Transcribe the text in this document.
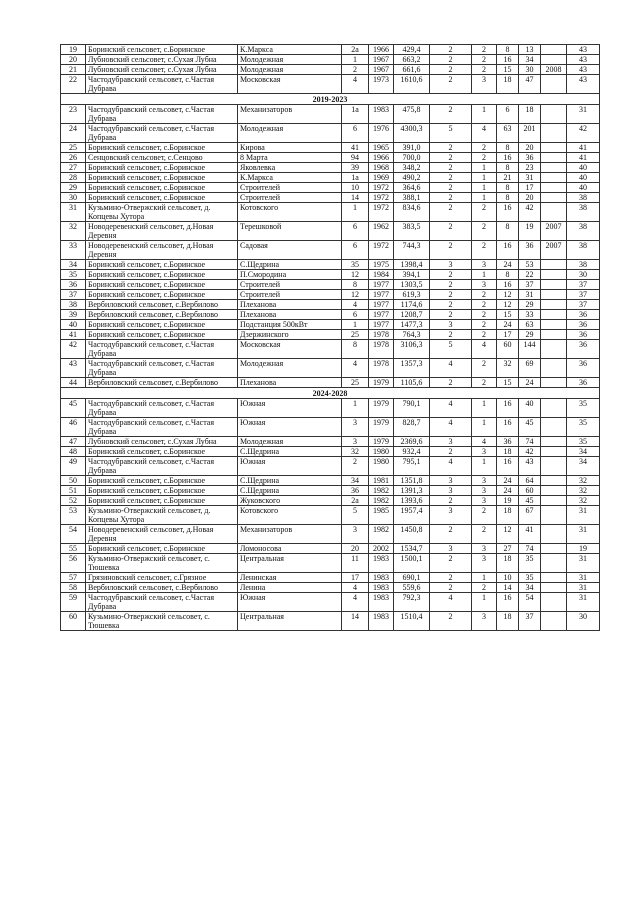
19	Боринский сельсовет, с.Боринское	К.Маркса	2а	1966	429,4	2	2	8	13		43
20	Лубновский сельсовет, с.Сухая Лубна	Молодежная	1	1967	663,2	2	2	16	34		43
21	Лубновский сельсовет, с.Сухая Лубна	Молодежная	2	1967	661,6	2	2	15	30	2008	43
22	Частодубравский сельсовет, с.Частая Дубрава	Московская	4	1973	1610,6	2	3	18	47		43
2019-2023											
23	Частодубравский сельсовет, с.Частая Дубрава	Механизаторов	1а	1983	475,8	2	1	6	18		31
24	Частодубравский сельсовет, с.Частая Дубрава	Молодежная	6	1976	4300,3	5	4	63	201		42
25	Боринский сельсовет, с.Боринское	Кирова	41	1965	391,0	2	2	8	20		41
26	Сенцовский сельсовет, с.Сенцово	8 Марта	94	1966	700,0	2	2	16	36		41
27	Боринский сельсовет, с.Боринское	Яковлевка	39	1968	348,2	2	1	8	23		40
28	Боринский сельсовет, с.Боринское	К.Маркса	1а	1969	490,2	2	1	21	31		40
29	Боринский сельсовет, с.Боринское	Строителей	10	1972	364,6	2	1	8	17		40
30	Боринский сельсовет, с.Боринское	Строителей	14	1972	388,1	2	1	8	20		38
31	Кузьмино-Отвержский сельсовет, д. Копцевы Хутора	Котовского	1	1972	834,6	2	2	16	42		38
32	Новодеревенский сельсовет, д.Новая Деревня	Терешковой	6	1962	383,5	2	2	8	19	2007	38
33	Новодеревенский сельсовет, д.Новая Деревня	Садовая	6	1972	744,3	2	2	16	36	2007	38
34	Боринский сельсовет, с.Боринское	С.Щедрина	35	1975	1398,4	3	3	24	53		38
35	Боринский сельсовет, с.Боринское	П.Смородина	12	1984	394,1	2	1	8	22		30
36	Боринский сельсовет, с.Боринское	Строителей	8	1977	1303,5	2	3	16	37		37
37	Боринский сельсовет, с.Боринское	Строителей	12	1977	619,3	2	2	12	31		37
38	Вербиловский сельсовет, с.Вербилово	Плеханова	4	1977	1174,6	2	2	12	29		37
39	Вербиловский сельсовет, с.Вербилово	Плеханова	6	1977	1208,7	2	2	15	33		36
40	Боринский сельсовет, с.Боринское	Подстанция 500кВт	1	1977	1477,3	3	2	24	63		36
41	Боринский сельсовет, с.Боринское	Дзержинского	25	1978	764,3	2	2	17	29		36
42	Частодубравский сельсовет, с.Частая Дубрава	Московская	8	1978	3106,3	5	4	60	144		36
43	Частодубравский сельсовет, с.Частая Дубрава	Молодежная	4	1978	1357,3	4	2	32	69		36
44	Вербиловский сельсовет, с.Вербилово	Плеханова	25	1979	1105,6	2	2	15	24		36
2024-2028											
45	Частодубравский сельсовет, с.Частая Дубрава	Южная	1	1979	790,1	4	1	16	40		35
46	Частодубравский сельсовет, с.Частая Дубрава	Южная	3	1979	828,7	4	1	16	45		35
47	Лубновский сельсовет, с.Сухая Лубна	Молодежная	3	1979	2369,6	3	4	36	74		35
48	Боринский сельсовет, с.Боринское	С.Щедрина	32	1980	932,4	2	3	18	42		34
49	Частодубравский сельсовет, с.Частая Дубрава	Южная	2	1980	795,1	4	1	16	43		34
50	Боринский сельсовет, с.Боринское	С.Щедрина	34	1981	1351,8	3	3	24	64		32
51	Боринский сельсовет, с.Боринское	С.Щедрина	36	1982	1391,3	3	3	24	60		32
52	Боринский сельсовет, с.Боринское	Жуковского	2а	1982	1393,6	2	3	19	45		32
53	Кузьмино-Отвержский сельсовет, д. Копцевы Хутора	Котовского	5	1985	1957,4	3	2	18	67		31
54	Новодеревенский сельсовет, д.Новая Деревня	Механизаторов	3	1982	1450,8	2	2	12	41		31
55	Боринский сельсовет, с.Боринское	Ломоносова	20	2002	1534,7	3	3	27	74		19
56	Кузьмино-Отвержский сельсовет, с. Тюшевка	Центральная	11	1983	1500,1	2	3	18	35		31
57	Грязиновский сельсовет, с.Грязное	Ленинская	17	1983	690,1	2	1	10	35		31
58	Вербиловский сельсовет, с.Вербилово	Ленина	4	1983	559,6	2	2	14	34		31
59	Частодубравский сельсовет, с.Частая Дубрава	Южная	4	1983	792,3	4	1	16	54		31
60	Кузьмино-Отвержский сельсовет, с. Тюшевка	Центральная	14	1983	1510,4	2	3	18	37		30
